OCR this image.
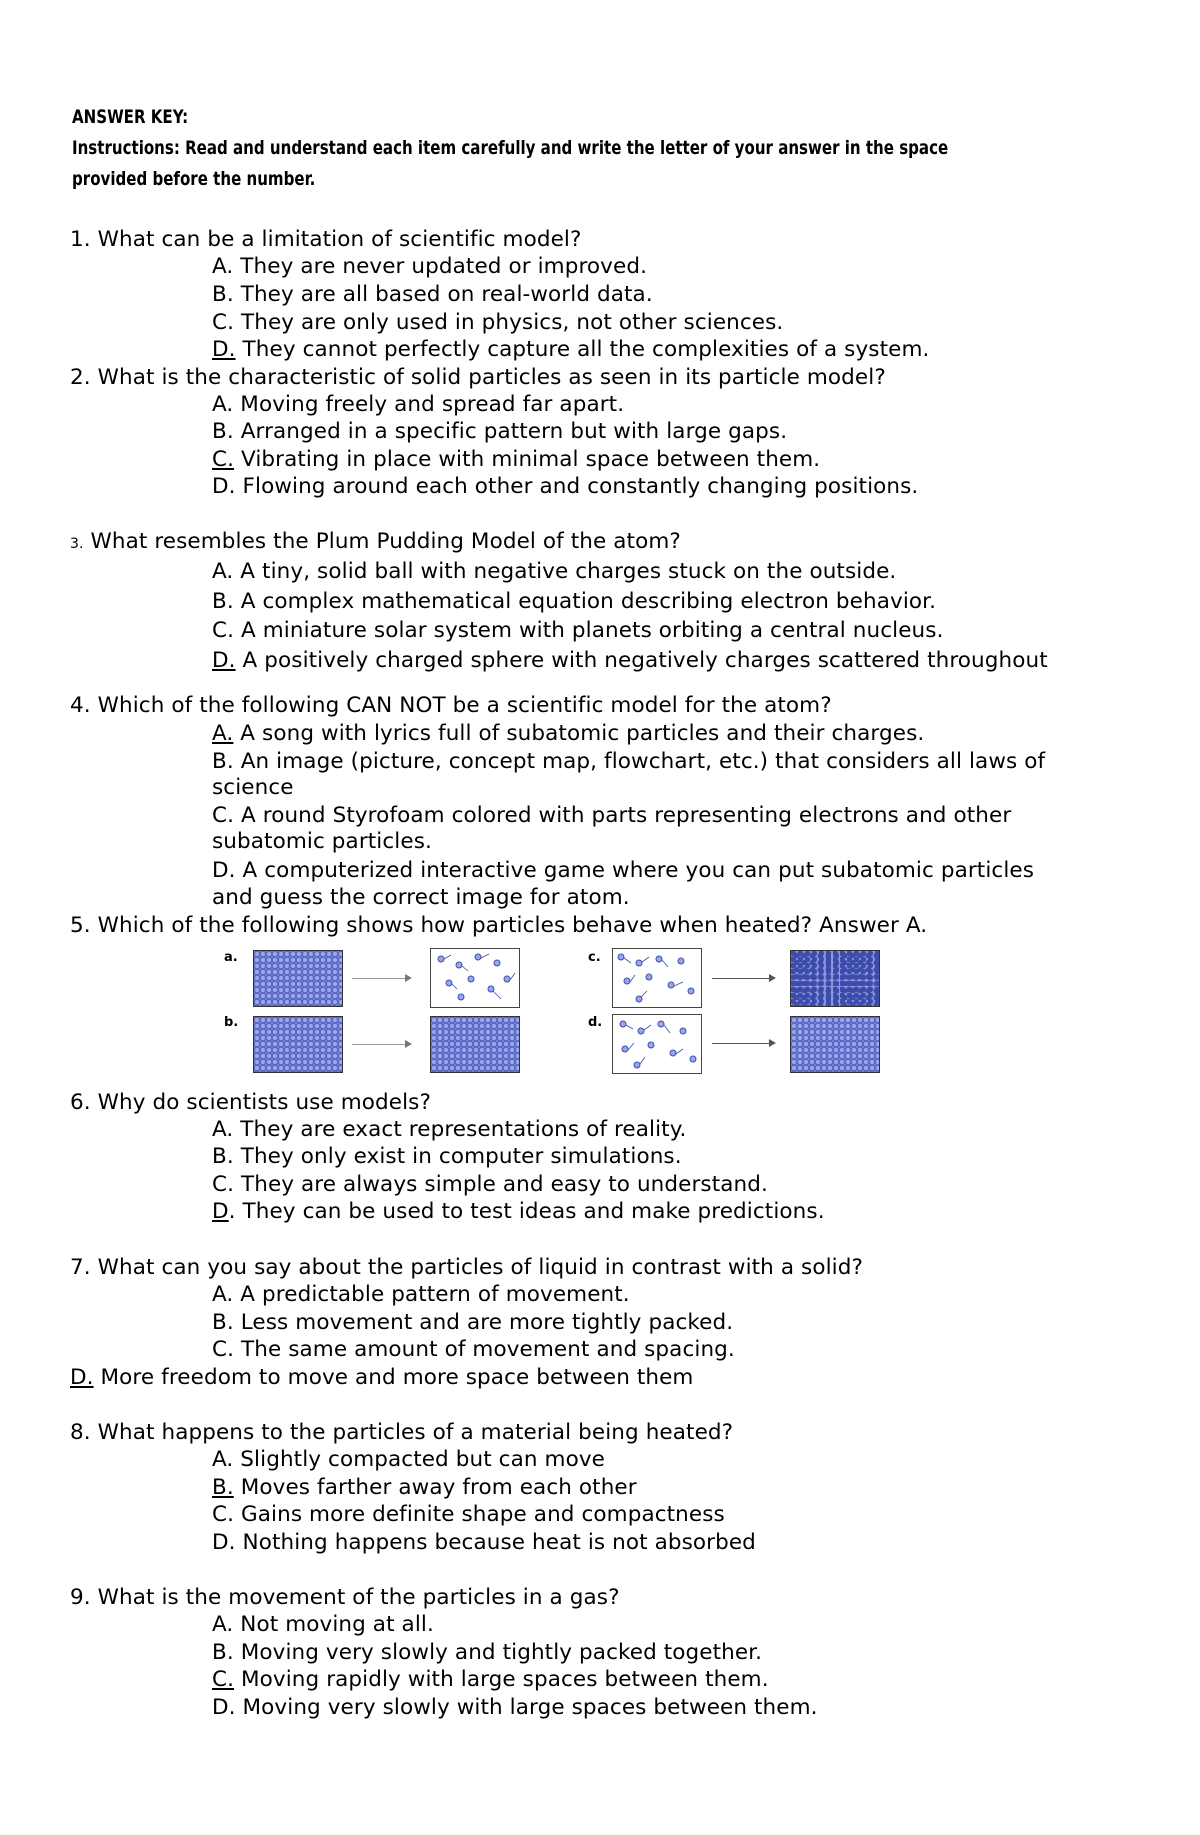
ANSWER KEY:
Instructions: Read and understand each item carefully and write the letter of your answer in the space provided before the number.
1. What can be a limitation of scientific model?
A. They are never updated or improved.
B. They are all based on real-world data.
C. They are only used in physics, not other sciences.
D. They cannot perfectly capture all the complexities of a system.
2. What is the characteristic of solid particles as seen in its particle model?
A. Moving freely and spread far apart.
B. Arranged in a specific pattern but with large gaps.
C. Vibrating in place with minimal space between them.
D. Flowing around each other and constantly changing positions.
3. What resembles the Plum Pudding Model of the atom?
A. A tiny, solid ball with negative charges stuck on the outside.
B. A complex mathematical equation describing electron behavior.
C. A miniature solar system with planets orbiting a central nucleus.
D. A positively charged sphere with negatively charges scattered throughout
4. Which of the following CAN NOT be a scientific model for the atom?
A. A song with lyrics full of subatomic particles and their charges.
B. An image (picture, concept map, flowchart, etc.) that considers all laws of
science
C. A round Styrofoam colored with parts representing electrons and other
subatomic particles.
D. A computerized interactive game where you can put subatomic particles
and guess the correct image for atom.
5. Which of the following shows how particles behave when heated? Answer A.
a.	c.
b.	d.
6. Why do scientists use models?
A. They are exact representations of reality.
B. They only exist in computer simulations.
C. They are always simple and easy to understand.
D. They can be used to test ideas and make predictions.
7. What can you say about the particles of liquid in contrast with a solid?
A. A predictable pattern of movement.
B. Less movement and are more tightly packed.
C. The same amount of movement and spacing.
D. More freedom to move and more space between them
8. What happens to the particles of a material being heated?
A. Slightly compacted but can move
B. Moves farther away from each other
C. Gains more definite shape and compactness
D. Nothing happens because heat is not absorbed
9. What is the movement of the particles in a gas?
A. Not moving at all.
B. Moving very slowly and tightly packed together.
C. Moving rapidly with large spaces between them.
D. Moving very slowly with large spaces between them.
